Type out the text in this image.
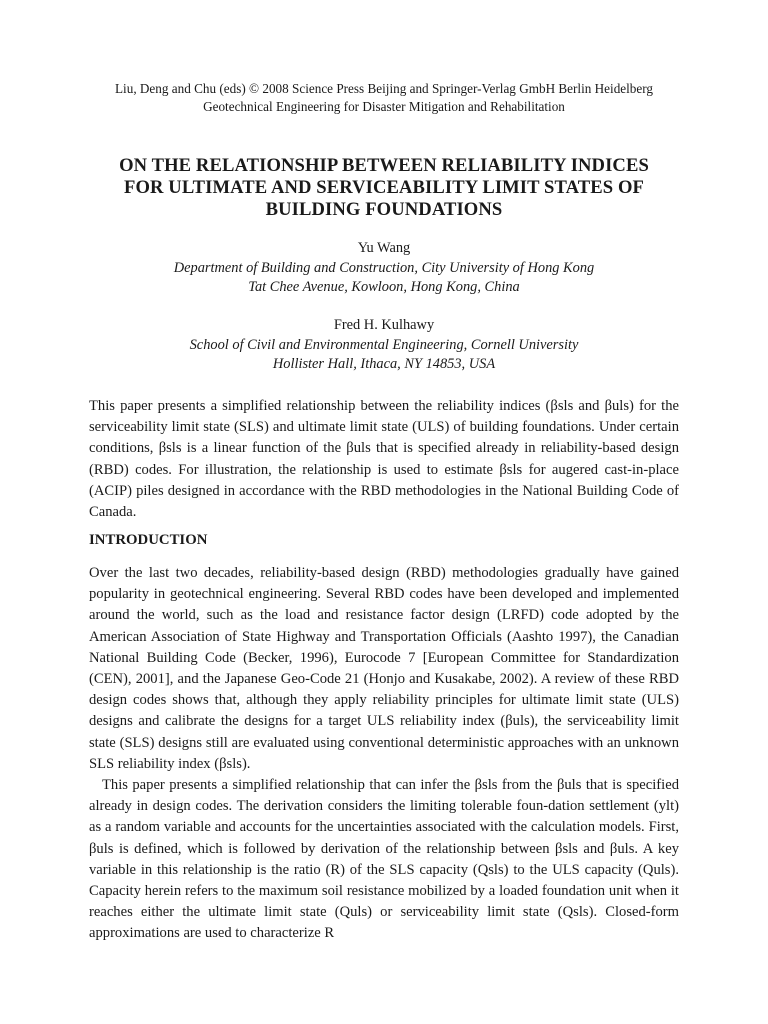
Liu, Deng and Chu (eds) © 2008 Science Press Beijing and Springer-Verlag GmbH Berlin Heidelberg
Geotechnical Engineering for Disaster Mitigation and Rehabilitation
ON THE RELATIONSHIP BETWEEN RELIABILITY INDICES
FOR ULTIMATE AND SERVICEABILITY LIMIT STATES OF
BUILDING FOUNDATIONS
Yu Wang
Department of Building and Construction, City University of Hong Kong
Tat Chee Avenue, Kowloon, Hong Kong, China
Fred H. Kulhawy
School of Civil and Environmental Engineering, Cornell University
Hollister Hall, Ithaca, NY 14853, USA

This paper presents a simplified relationship between the reliability indices (βsls and βuls) for the serviceability limit state (SLS) and ultimate limit state (ULS) of building foundations. Under certain conditions, βsls is a linear function of the βuls that is specified already in reliability-based design (RBD) codes. For illustration, the relationship is used to estimate βsls for augered cast-in-place (ACIP) piles designed in accordance with the RBD methodologies in the National Building Code of Canada.

INTRODUCTION

Over the last two decades, reliability-based design (RBD) methodologies gradually have gained popularity in geotechnical engineering. Several RBD codes have been developed and implemented around the world, such as the load and resistance factor design (LRFD) code adopted by the American Association of State Highway and Transportation Officials (Aashto 1997), the Canadian National Building Code (Becker, 1996), Eurocode 7 [European Committee for Standardization (CEN), 2001], and the Japanese Geo-Code 21 (Honjo and Kusakabe, 2002). A review of these RBD design codes shows that, although they apply reliability principles for ultimate limit state (ULS) designs and calibrate the designs for a target ULS reliability index (βuls), the serviceability limit state (SLS) designs still are evaluated using conventional deterministic approaches with an unknown SLS reliability index (βsls).

This paper presents a simplified relationship that can infer the βsls from the βuls that is specified already in design codes. The derivation considers the limiting tolerable foun-dation settlement (ylt) as a random variable and accounts for the uncertainties associated with the calculation models. First, βuls is defined, which is followed by derivation of the relationship between βsls and βuls. A key variable in this relationship is the ratio (R) of the SLS capacity (Qsls) to the ULS capacity (Quls). Capacity herein refers to the maximum soil resistance mobilized by a loaded foundation unit when it reaches either the ultimate limit state (Quls) or serviceability limit state (Qsls). Closed-form approximations are used to characterize R
